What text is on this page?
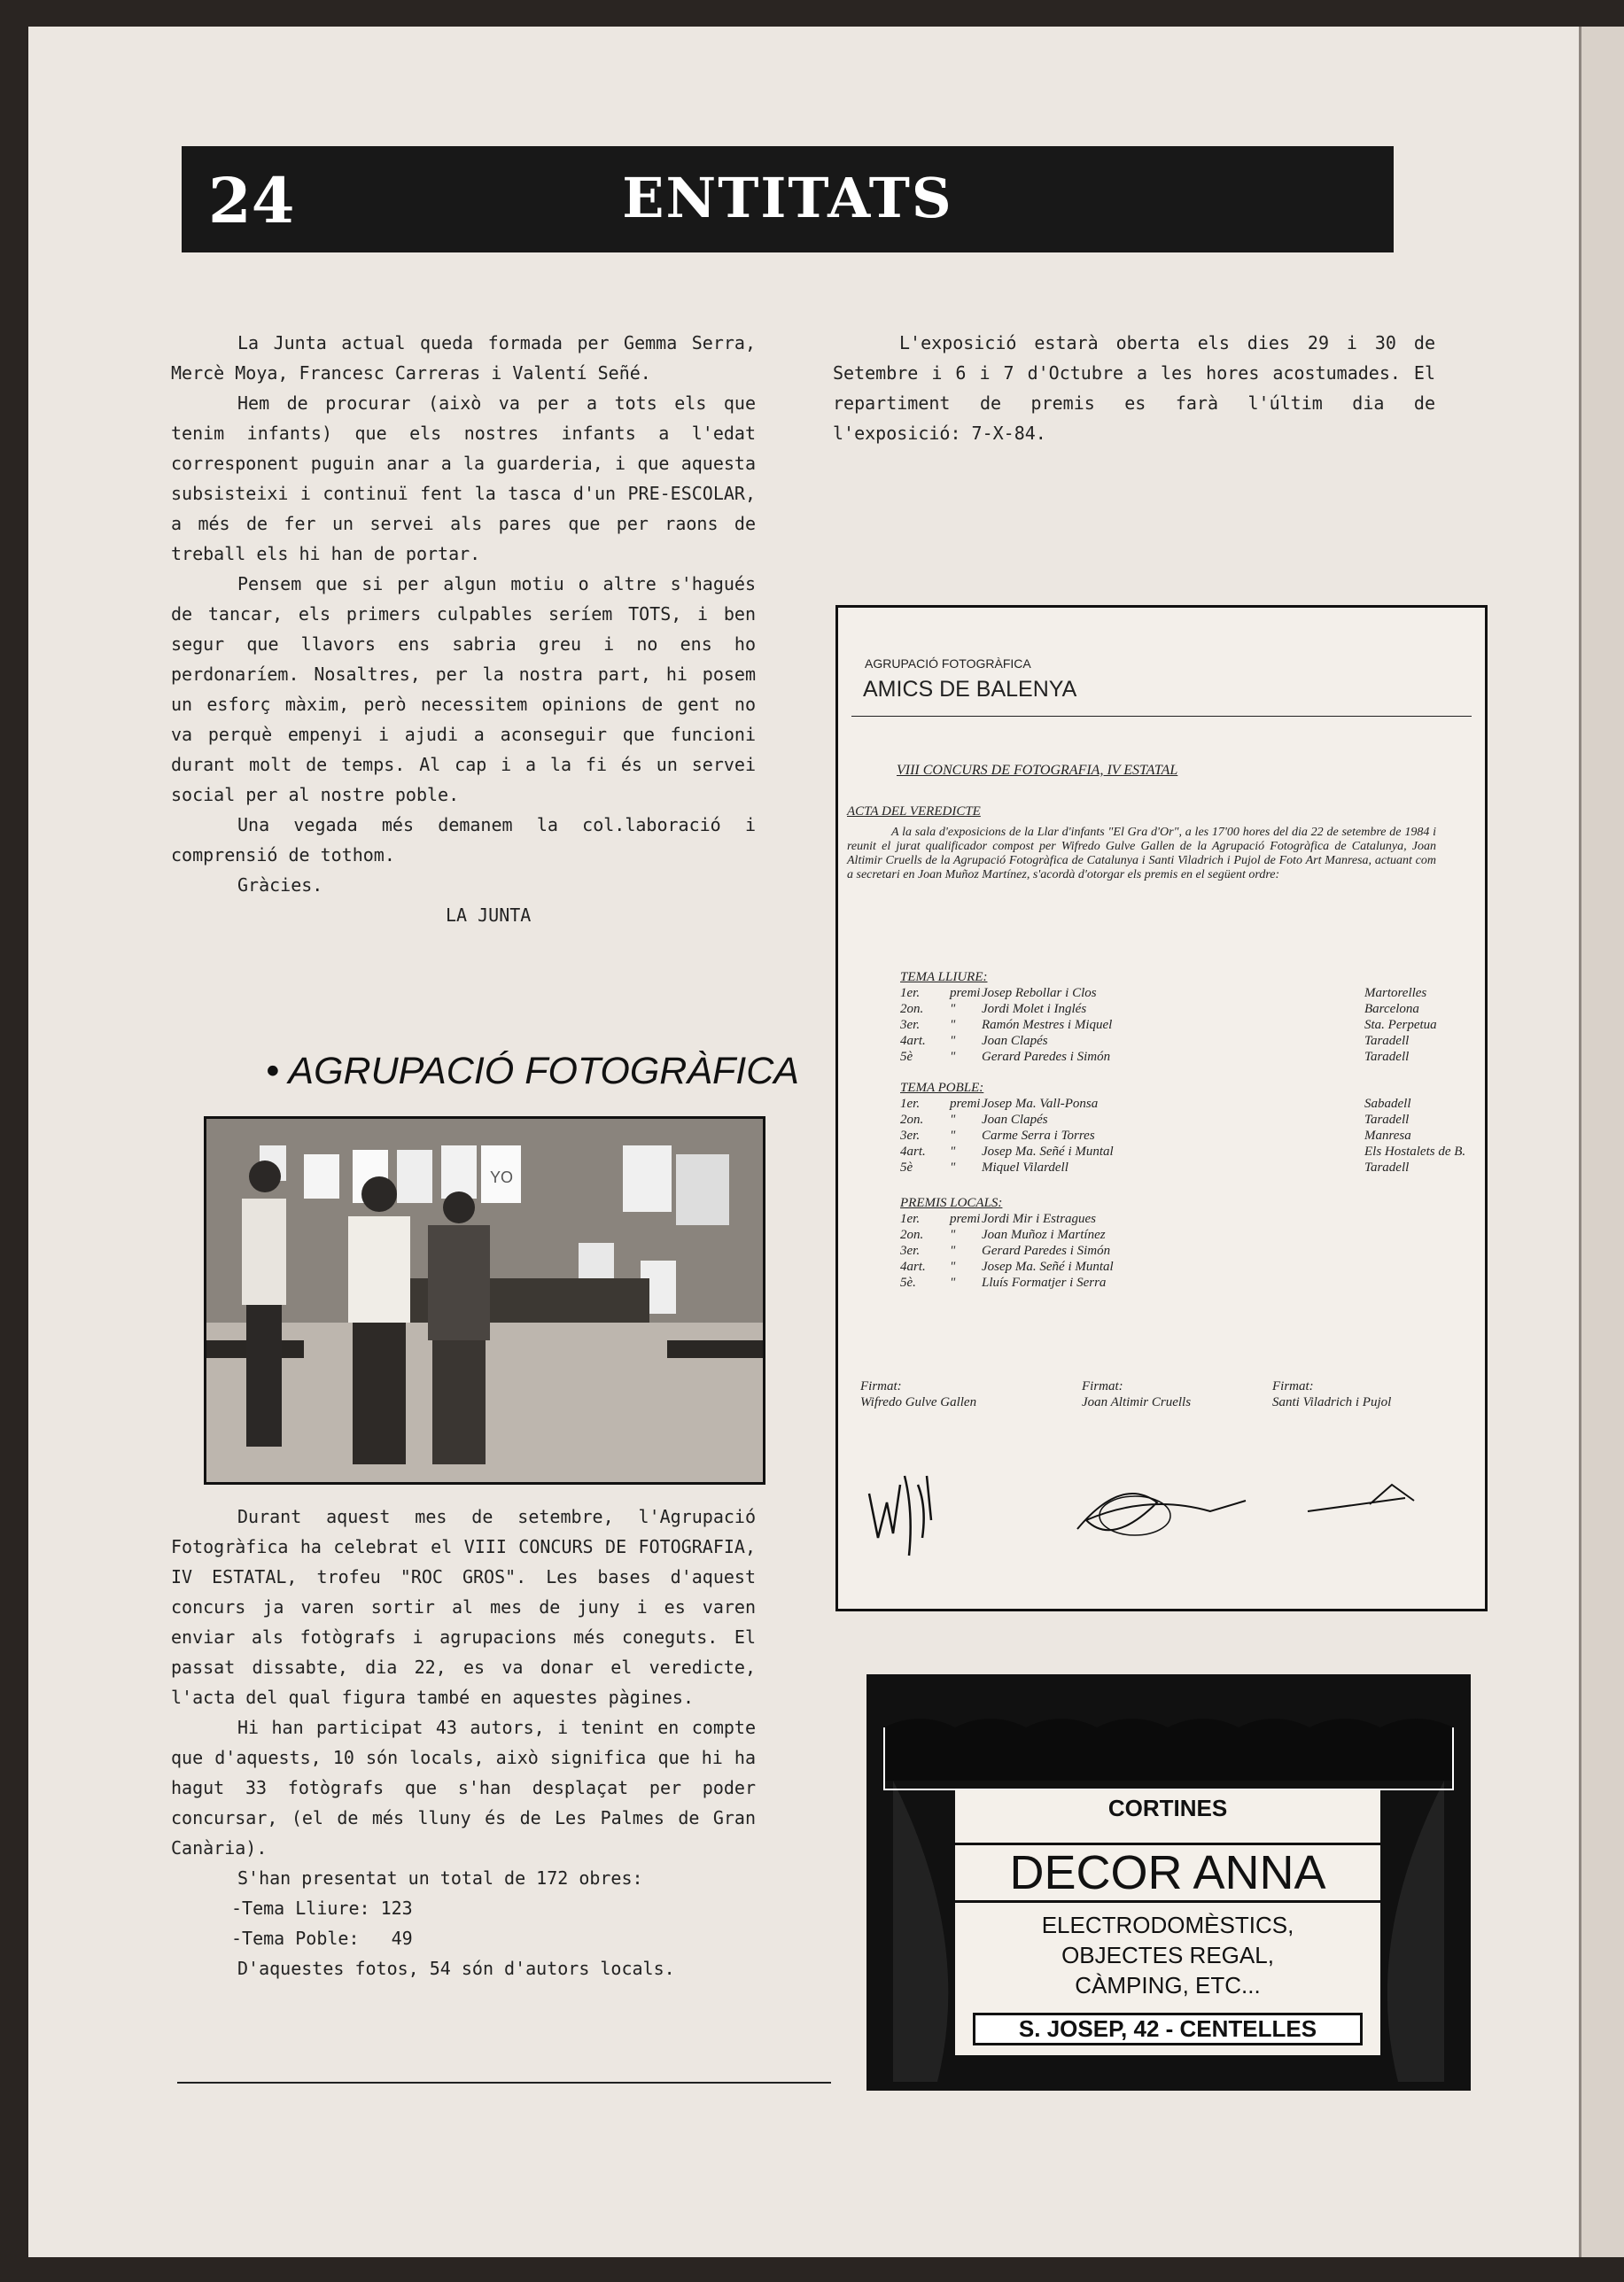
24	ENTITATS

La Junta actual queda formada per Gemma Serra, Mercè Moya, Francesc Carreras i Valentí Señé.

Hem de procurar (això va per a tots els que tenim infants) que els nostres infants a l'edat corresponent puguin anar a la guarderia, i que aquesta subsisteixi i continuï fent la tasca d'un PRE-ESCOLAR, a més de fer un servei als pares que per raons de treball els hi han de portar.

Pensem que si per algun motiu o altre s'hagués de tancar, els primers culpables seríem TOTS, i ben segur que llavors ens sabria greu i no ens ho perdonaríem. Nosaltres, per la nostra part, hi posem un esforç màxim, però necessitem opinions de gent no va perquè empenyi i ajudi a aconseguir que funcioni durant molt de temps. Al cap i a la fi és un servei social per al nostre poble.

Una vegada més demanem la col.laboració i comprensió de tothom.

Gràcies.

LA JUNTA

• AGRUPACIÓ FOTOGRÀFICA
YO

Durant aquest mes de setembre, l'Agrupació Fotogràfica ha celebrat el VIII CONCURS DE FOTOGRAFIA, IV ESTATAL, trofeu "ROC GROS". Les bases d'aquest concurs ja varen sortir al mes de juny i es varen enviar als fotògrafs i agrupacions més coneguts. El passat dissabte, dia 22, es va donar el veredicte, l'acta del qual figura també en aquestes pàgines.

Hi han participat 43 autors, i tenint en compte que d'aquests, 10 són locals, això significa que hi ha hagut 33 fotògrafs que s'han desplaçat per poder concursar, (el de més lluny és de Les Palmes de Gran Canària).

S'han presentat un total de 172 obres:

-Tema Lliure: 123

-Tema Poble:   49

D'aquestes fotos, 54 són d'autors locals.

L'exposició estarà oberta els dies 29 i 30 de Setembre i 6 i 7 d'Octubre a les hores acostumades. El repartiment de premis es farà l'últim dia de l'exposició: 7-X-84.

AGRUPACIÓ FOTOGRÀFICA
AMICS DE BALENYA
VIII CONCURS DE FOTOGRAFIA, IV ESTATAL
ACTA DEL VEREDICTE
A la sala d'exposicions de la Llar d'infants "El Gra d'Or", a les 17'00 hores del dia 22 de setembre de 1984 i reunit el jurat qualificador compost per Wifredo Gulve Gallen de la Agrupació Fotogràfica de Catalunya, Joan Altimir Cruells de la Agrupació Fotogràfica de Catalunya i Santi Viladrich i Pujol de Foto Art Manresa, actuant com a secretari en Joan Muñoz Martínez, s'acordà d'otorgar els premis en el següent ordre:
TEMA LLIURE:
1er.	premi Josep Rebollar i Clos	Martorelles
2on.	"	Jordi Molet i Inglés	Barcelona
3er.	"	Ramón Mestres i Miquel	Sta. Perpetua
4art.	"	Joan Clapés	Taradell
5è	"	Gerard Paredes i Simón	Taradell
TEMA POBLE:
1er.	premi Josep Ma. Vall-Ponsa	Sabadell
2on.	"	Joan Clapés	Taradell
3er.	"	Carme Serra i Torres	Manresa
4art.	"	Josep Ma. Señé i Muntal	Els Hostalets de B.
5è	"	Miquel Vilardell	Taradell
PREMIS LOCALS:
1er.	premi Jordi Mir i Estragues
2on.	"	Joan Muñoz i Martínez
3er.	"	Gerard Paredes i Simón
4art.	"	Josep Ma. Señé i Muntal
5è.	"	Lluís Formatjer i Serra
Firmat:
Wifredo Gulve Gallen
Firmat:
Joan Altimir Cruells
Firmat:
Santi Viladrich i Pujol
CORTINES
DECOR ANNA
ELECTRODOMÈSTICS,
OBJECTES REGAL,
CÀMPING, ETC...
S. JOSEP, 42 - CENTELLES
